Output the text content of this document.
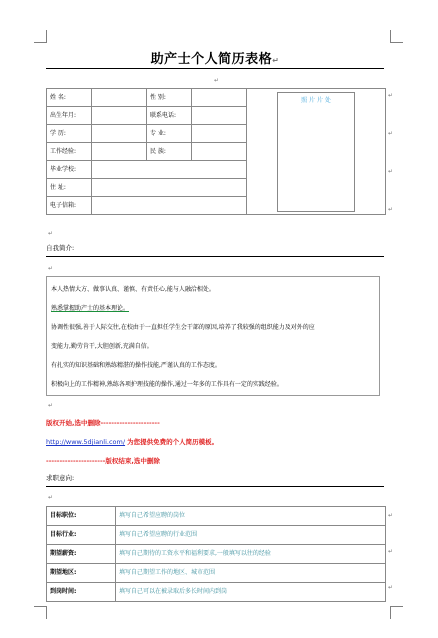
助产士个人简历表格↵
↵
姓 名:		性 别:		照 片 片 处

出生年月:		联系电话:		
学 历:		专 业:		
工作经验:		民 族:		
毕业学校:				
住 址:				
电子信箱:				
↵
↵
↵
↵
↵
自我简介:
↵
本人热情大方、做事认真、谨慎、有责任心,能与人融洽相处。
熟悉掌握助产士的基本理论。
协调性很强,善于人际交往,在校由于一直担任学生会干部的原因,培养了我较强的组织能力及对外的应
变能力,勤劳肯干,大胆创新,充满自信。
有扎实的知识基础和熟练精湛的操作技能,严谨认真的工作态度。
积极向上的工作精神,熟练各项护理技能的操作,通过一年多的工作具有一定的实践经验。
↵
版权开始,选中删除----------------------
http://www.5djianli.com/ 为您提供免费的个人简历模板。
----------------------版权结束,选中删除
求职意向:
↵
目标职位:	填写自己希望应聘的岗位
目标行业:	填写自己希望应聘的行业范围
期望薪资:	填写自己期待的工资水平和福利要求,一般填写以往的经验
期望地区:	填写自己期望工作的地区、城市范围
到岗时间:	填写自己可以在被录取后多长时间内到岗
↵
↵
↵
